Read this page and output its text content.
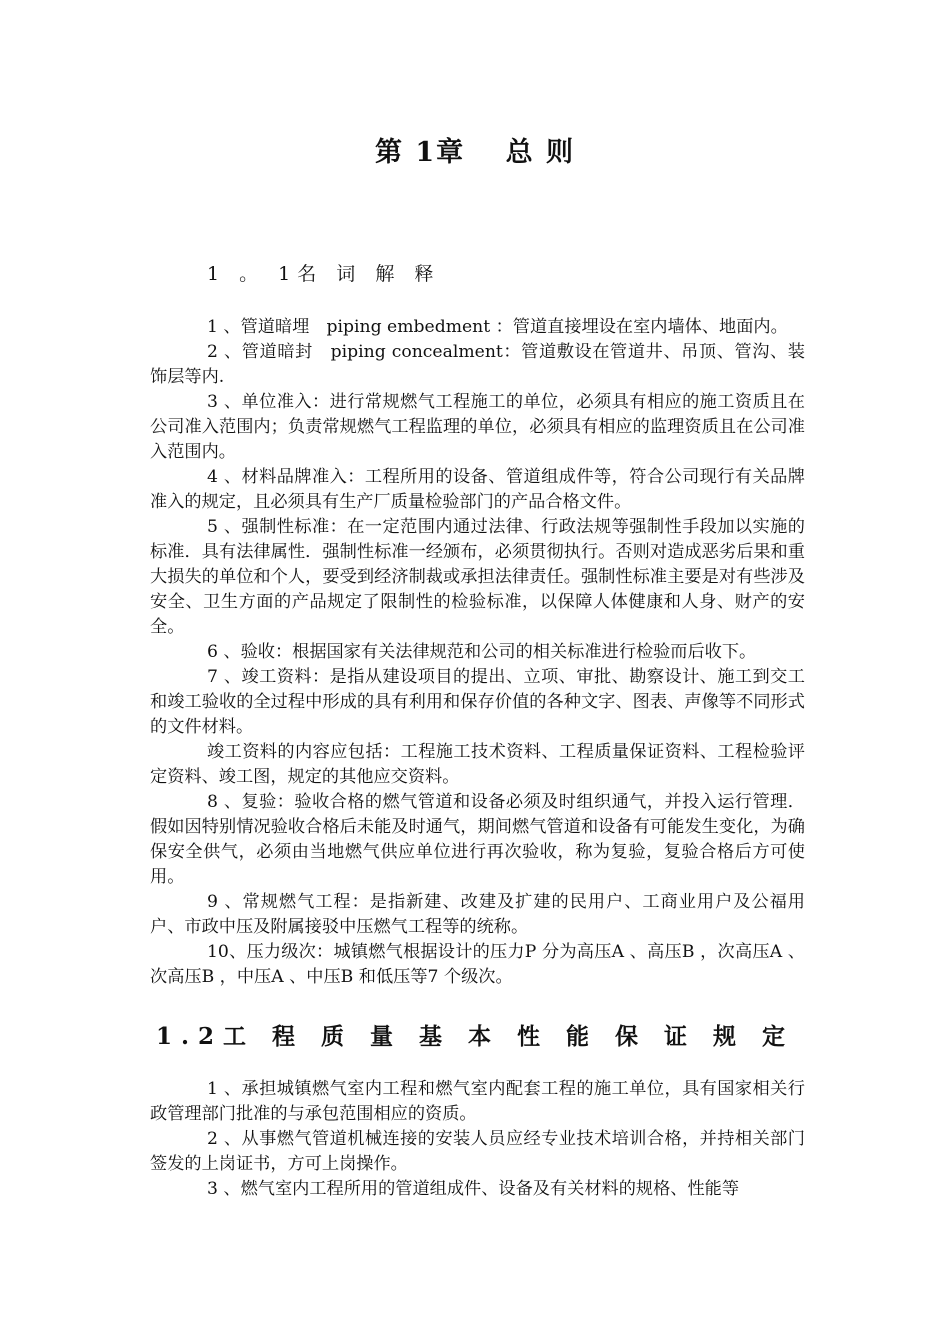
第 1章　 总 则
1 。 1名 词 解 释

1 、管道暗埋　piping embedment ：管道直接埋设在室内墙体、地面内。

2 、管道暗封　piping concealment：管道敷设在管道井、吊顶、管沟、装饰层等内.

3 、单位准入：进行常规燃气工程施工的单位，必须具有相应的施工资质且在公司准入范围内；负责常规燃气工程监理的单位，必须具有相应的监理资质且在公司准入范围内。

4 、材料品牌准入：工程所用的设备、管道组成件等，符合公司现行有关品牌准入的规定，且必须具有生产厂质量检验部门的产品合格文件。

5 、强制性标准：在一定范围内通过法律、行政法规等强制性手段加以实施的标准．具有法律属性．强制性标准一经颁布，必须贯彻执行。否则对造成恶劣后果和重大损失的单位和个人，要受到经济制裁或承担法律责任。强制性标准主要是对有些涉及安全、卫生方面的产品规定了限制性的检验标准，以保障人体健康和人身、财产的安全。

6 、验收：根据国家有关法律规范和公司的相关标准进行检验而后收下。

7 、竣工资料：是指从建设项目的提出、立项、审批、勘察设计、施工到交工和竣工验收的全过程中形成的具有利用和保存价值的各种文字、图表、声像等不同形式的文件材料。

竣工资料的内容应包括：工程施工技术资料、工程质量保证资料、工程检验评定资料、竣工图，规定的其他应交资料。

8 、复验：验收合格的燃气管道和设备必须及时组织通气，并投入运行管理．假如因特别情况验收合格后未能及时通气，期间燃气管道和设备有可能发生变化，为确保安全供气，必须由当地燃气供应单位进行再次验收，称为复验，复验合格后方可使用。

9 、常规燃气工程：是指新建、改建及扩建的民用户、工商业用户及公福用户、市政中压及附属接驳中压燃气工程等的统称。

10、压力级次：城镇燃气根据设计的压力P 分为高压A 、高压B ，次高压A 、次高压B ，中压A 、中压B 和低压等7 个级次。

1.2工 程 质 量 基 本 性 能 保 证 规 定

1 、承担城镇燃气室内工程和燃气室内配套工程的施工单位，具有国家相关行政管理部门批准的与承包范围相应的资质。

2 、从事燃气管道机械连接的安装人员应经专业技术培训合格，并持相关部门签发的上岗证书，方可上岗操作。

3 、燃气室内工程所用的管道组成件、设备及有关材料的规格、性能等
